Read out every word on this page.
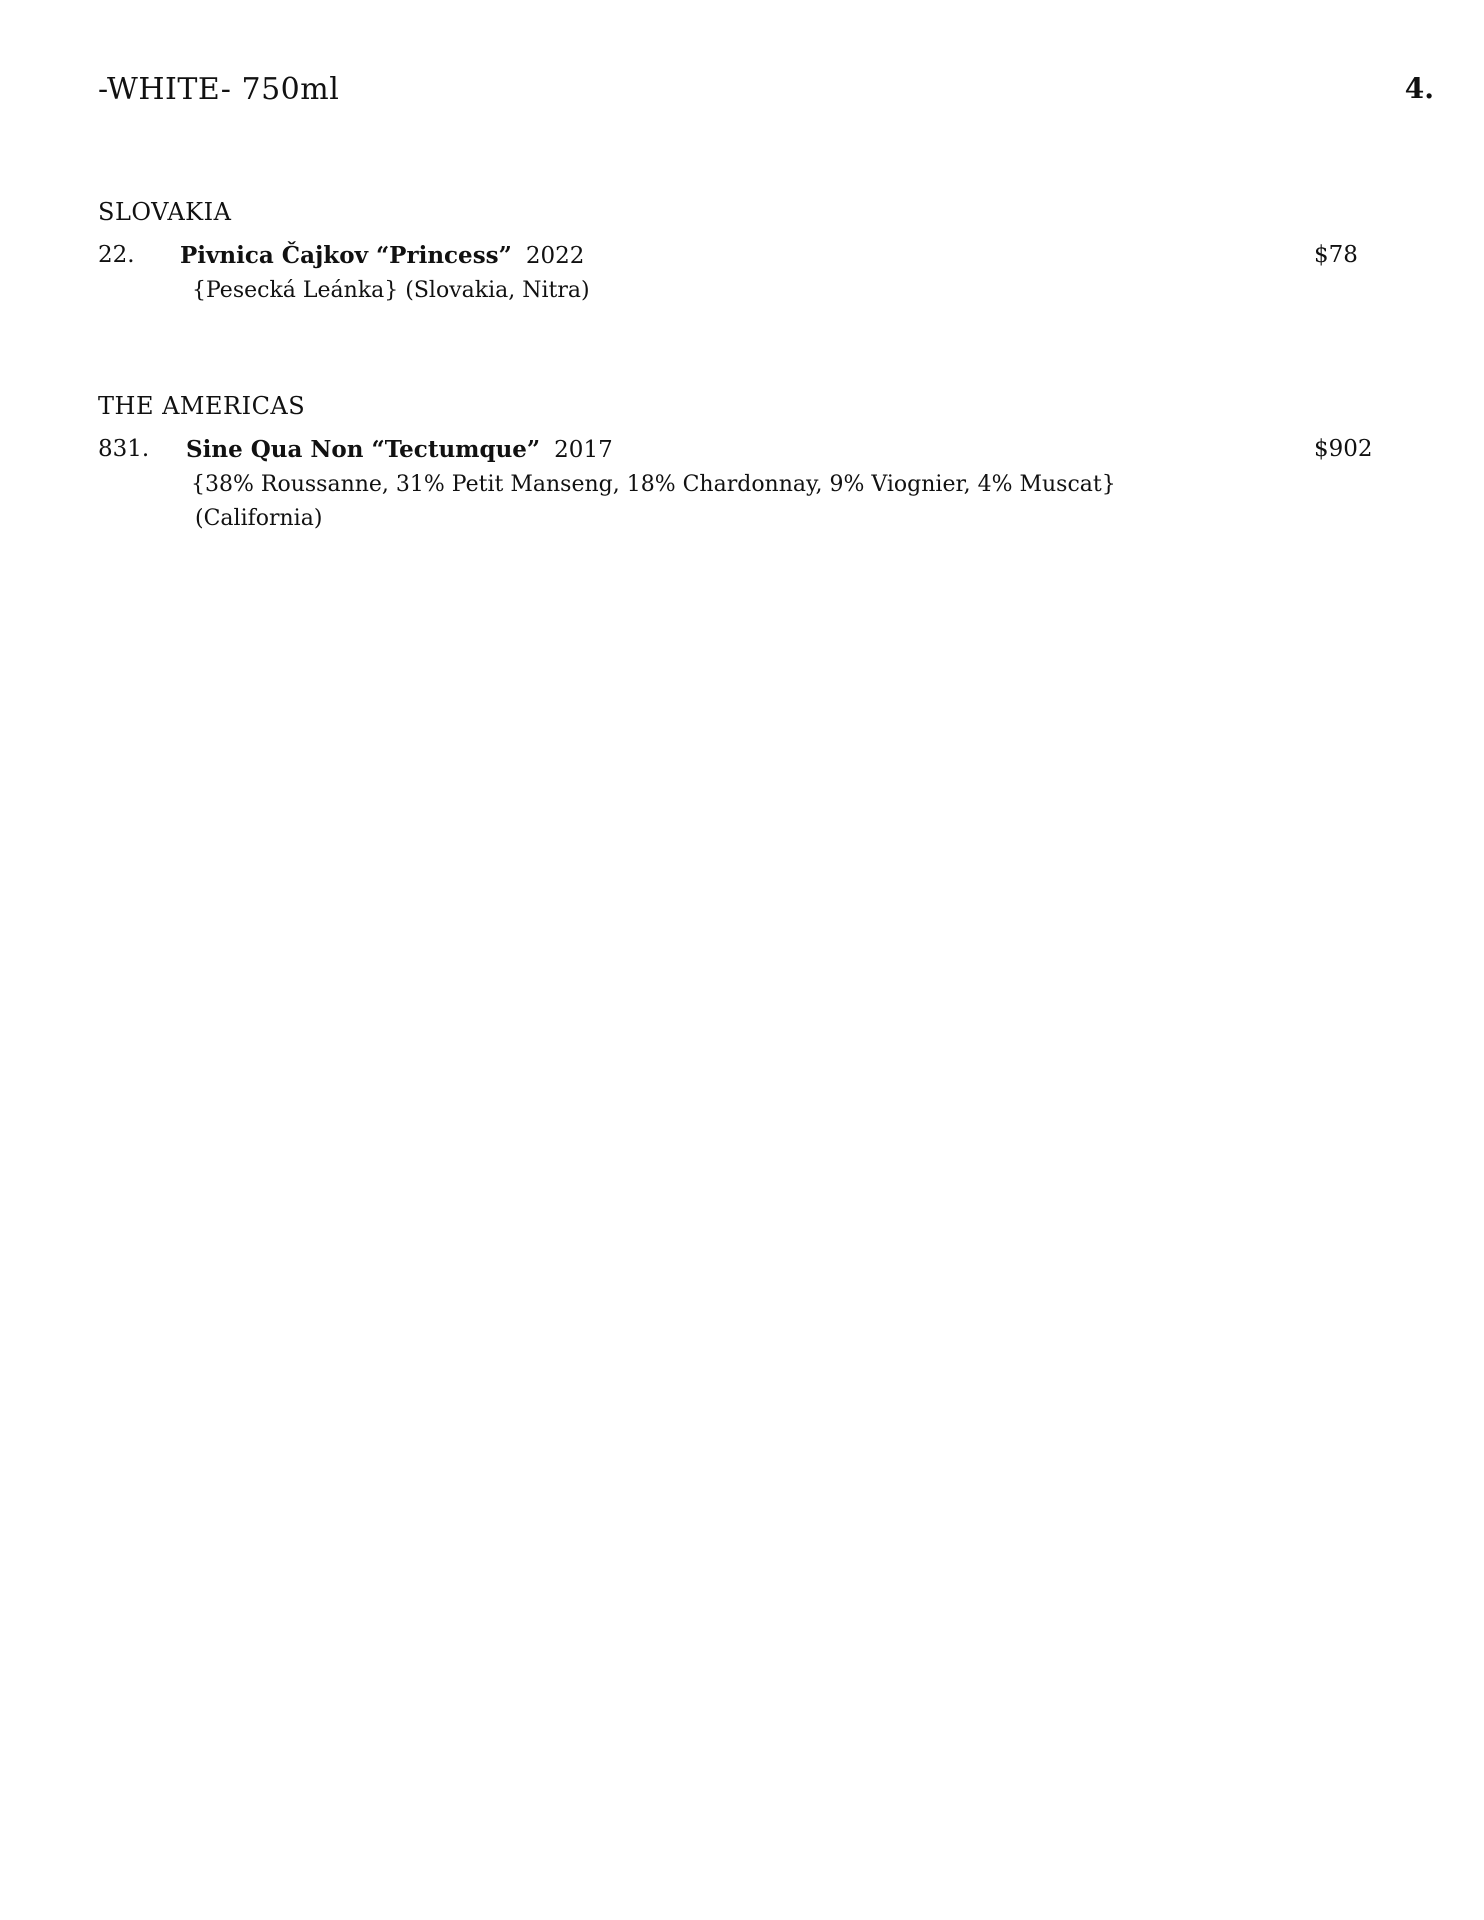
-WHITE- 750ml	4.
SLOVAKIA
22. Pivnica Čajkov “Princess” 2022	$78
{Pesecká Leánka} (Slovakia, Nitra)
THE AMERICAS
831. Sine Qua Non “Tectumque” 2017	$902
{38% Roussanne, 31% Petit Manseng, 18% Chardonnay, 9% Viognier, 4% Muscat}
(California)
